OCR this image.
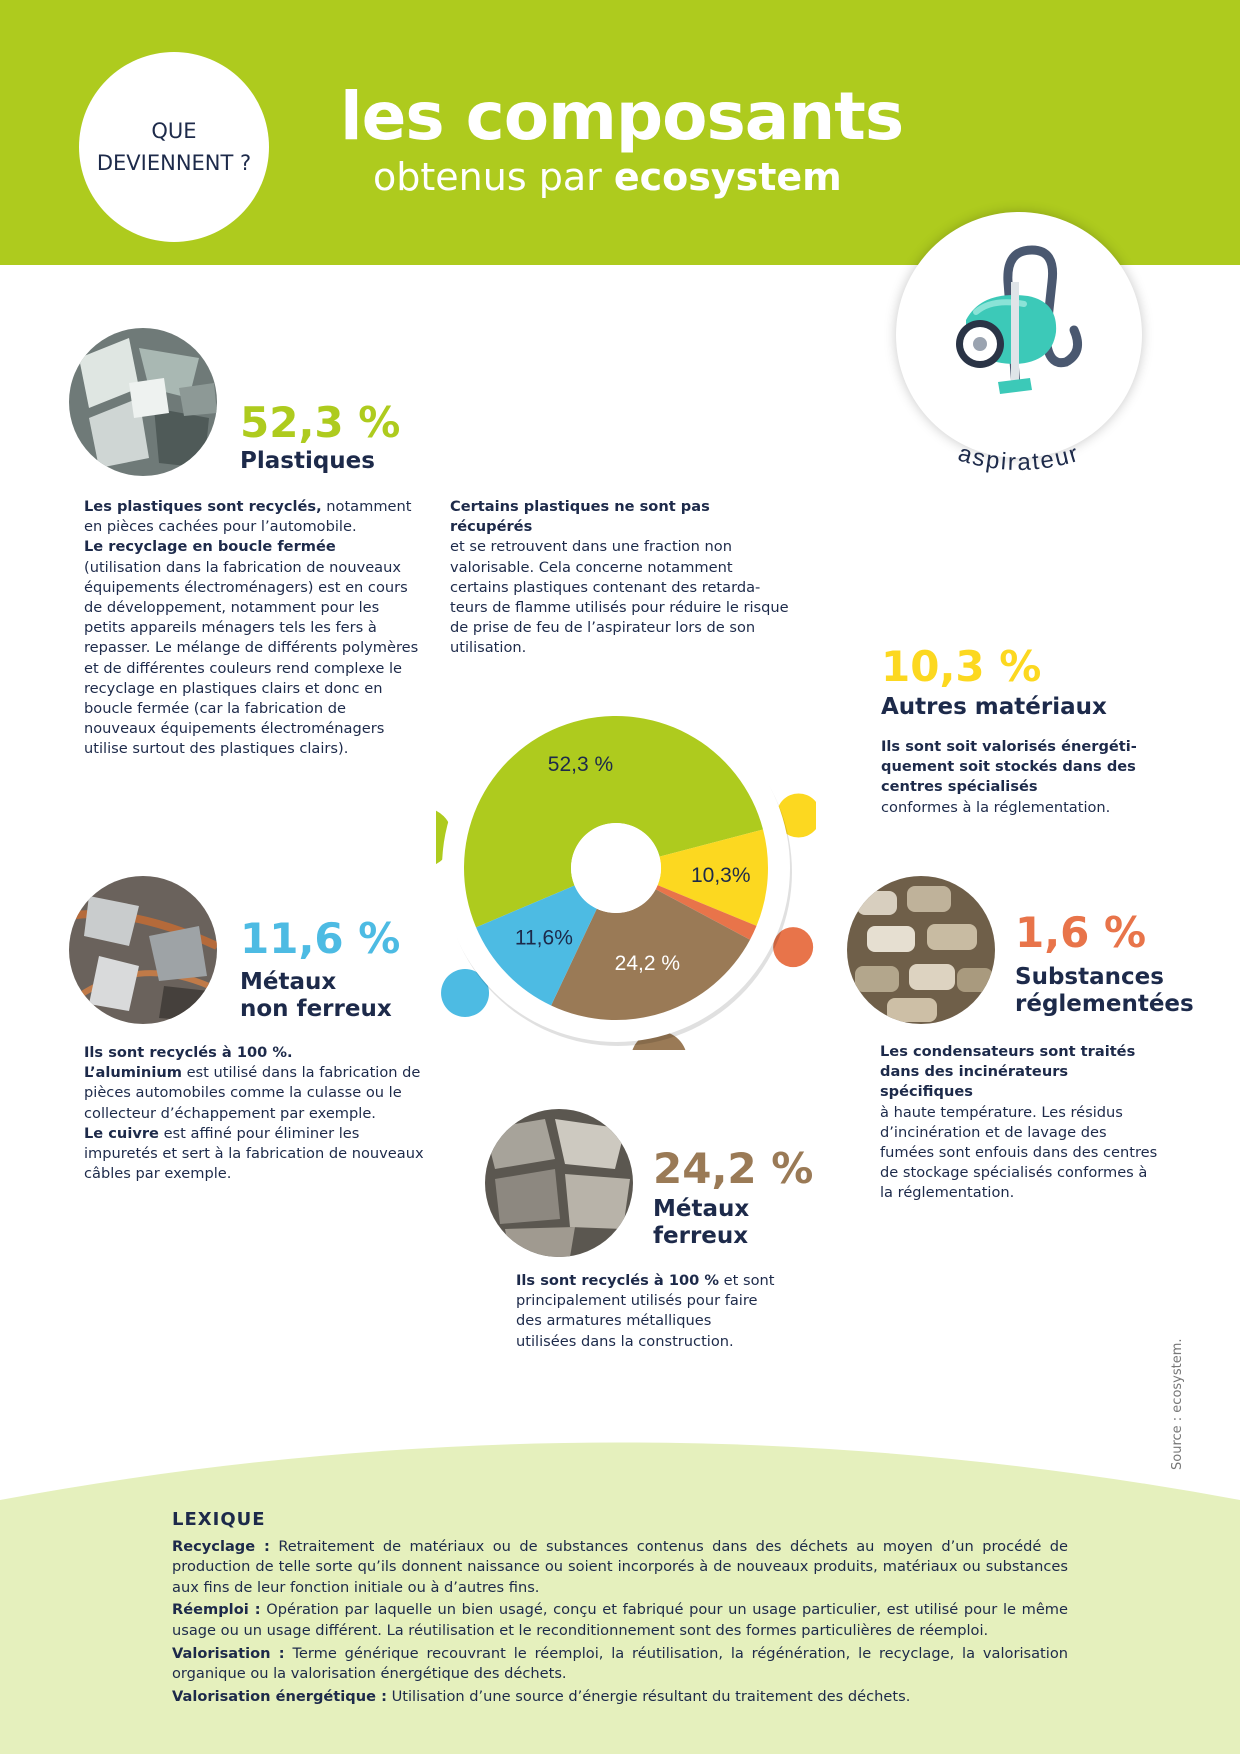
QUE
DEVIENNENT ?
les composants
obtenus par ecosystem
aspirateur
52,3 %
Plastiques
Les plastiques sont recyclés, notamment en pièces cachées pour l’automobile.
Le recyclage en boucle fermée
(utilisation dans la fabrication de nouveaux équipements électroménagers) est en cours de développement, notamment pour les petits appareils ménagers tels les fers à repasser. Le mélange de différents polymères et de différentes couleurs rend complexe le recyclage en plastiques clairs et donc en boucle fermée (car la fabrication de nouveaux équipements électroménagers utilise surtout des plastiques clairs).
Certains plastiques ne sont pas récupérés
et se retrouvent dans une fraction non valorisable. Cela concerne notamment certains plastiques contenant des retarda-teurs de flamme utilisés pour réduire le risque de prise de feu de l’aspirateur lors de son utilisation.	10,3 %
Autres matériaux
Ils sont soit valorisés énergéti-quement soit stockés dans des centres spécialisés
conformes à la réglementation.
52,3 %
10,3%
24,2 %
11,6%
11,6 %
Métaux
non ferreux
Ils sont recyclés à 100 %.
L’aluminium est utilisé dans la fabrication de pièces automobiles comme la culasse ou le collecteur d’échappement par exemple.
Le cuivre est affiné pour éliminer les impuretés et sert à la fabrication de nouveaux câbles par exemple.
1,6 %
Substances
réglementées
Les condensateurs sont traités dans des incinérateurs spécifiques
à haute température. Les résidus d’incinération et de lavage des fumées sont enfouis dans des centres de stockage spécialisés conformes à la réglementation.
24,2 %
Métaux
ferreux
Ils sont recyclés à 100 % et sont principalement utilisés pour faire des armatures métalliques utilisées dans la construction.	Source : ecosystem.
LEXIQUE

Recyclage : Retraitement de matériaux ou de substances contenus dans des déchets au moyen d’un procédé de production de telle sorte qu’ils donnent naissance ou soient incorporés à de nouveaux produits, matériaux ou substances aux fins de leur fonction initiale ou à d’autres fins.

Réemploi : Opération par laquelle un bien usagé, conçu et fabriqué pour un usage particulier, est utilisé pour le même usage ou un usage différent. La réutilisation et le reconditionnement sont des formes particulières de réemploi.

Valorisation : Terme générique recouvrant le réemploi, la réutilisation, la régénération, le recyclage, la valorisation organique ou la valorisation énergétique des déchets.

Valorisation énergétique : Utilisation d’une source d’énergie résultant du traitement des déchets.
